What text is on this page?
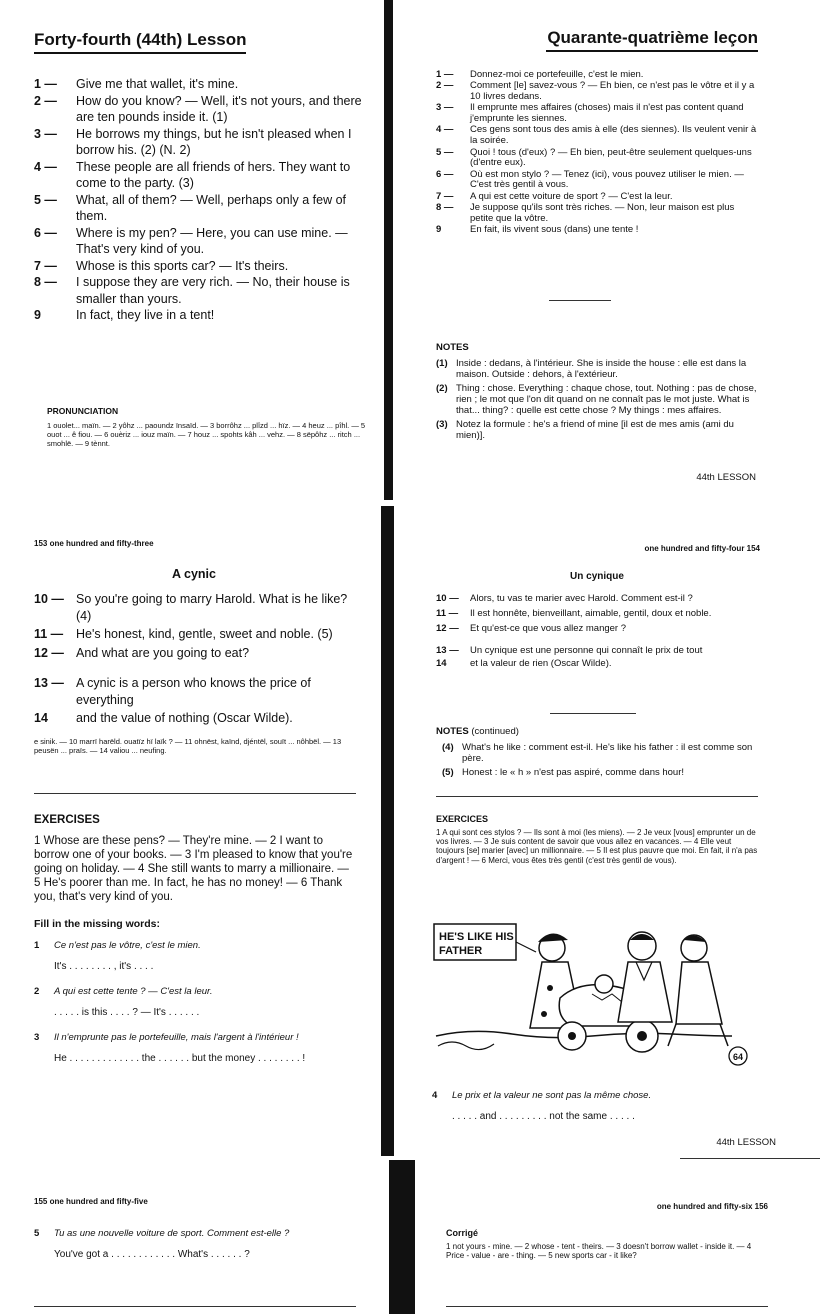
Forty-fourth (44th) Lesson
1 —	Give me that wallet, it's mine.
2 —	How do you know? — Well, it's not yours, and there are ten pounds inside it. (1)
3 —	He borrows my things, but he isn't pleased when I borrow his. (2) (N. 2)
4 —	These people are all friends of hers. They want to come to the party. (3)
5 —	What, all of them? — Well, perhaps only a few of them.
6 —	Where is my pen? — Here, you can use mine. — That's very kind of you.
7 —	Whose is this sports car? — It's theirs.
8 —	I suppose they are very rich. — No, their house is smaller than yours.
9	In fact, they live in a tent!
PRONUNCIATION
1 ouolet... maïn. — 2 yôhz ... paoundz ïnsaïd. — 3 borrôhz ... plîzd ... hïz. — 4 heuz ... pîhl. — 5 ouot ... ê fiou. — 6 ouèriz ... iouz maïn. — 7 houz ... spohts kâh ... vehz. — 8 sëpôhz ... ritch ... smohlë. — 9 tènnt.
Quarante-quatrième leçon
1 —	Donnez-moi ce portefeuille, c'est le mien.
2 —	Comment [le] savez-vous ? — Eh bien, ce n'est pas le vôtre et il y a 10 livres dedans.
3 —	Il emprunte mes affaires (choses) mais il n'est pas content quand j'emprunte les siennes.
4 —	Ces gens sont tous des amis à elle (des siennes). Ils veulent venir à la soirée.
5 —	Quoi ! tous (d'eux) ? — Eh bien, peut-être seulement quelques-uns (d'entre eux).
6 —	Où est mon stylo ? — Tenez (ici), vous pouvez utiliser le mien. — C'est très gentil à vous.
7 —	A qui est cette voiture de sport ? — C'est la leur.
8 —	Je suppose qu'ils sont très riches. — Non, leur maison est plus petite que la vôtre.
9	En fait, ils vivent sous (dans) une tente !
NOTES
(1) Inside : dedans, à l'intérieur. She is inside the house : elle est dans la maison. Outside : dehors, à l'extérieur.
(2) Thing : chose. Everything : chaque chose, tout. Nothing : pas de chose, rien ; le mot que l'on dit quand on ne connaît pas le mot juste. What is that... thing? : quelle est cette chose ? My things : mes affaires.
(3) Notez la formule : he's a friend of mine [il est de mes amis (ami du mien)].
44th LESSON
153 one hundred and fifty-three
one hundred and fifty-four 154
A cynic
10 — So you're going to marry Harold. What is he like? (4)
11 —	He's honest, kind, gentle, sweet and noble. (5)
12 — And what are you going to eat?
13 — A cynic is a person who knows the price of everything
14	and the value of nothing (Oscar Wilde).
e sinik. — 10 marrï harëld. ouatïz hï laïk ? — 11 ohnëst, kaïnd, djéntël, souït ... nôhbël. — 13 peusën ... praïs. — 14 valiou ... neufing.
EXERCISES
1 Whose are these pens? — They're mine. — 2 I want to borrow one of your books. — 3 I'm pleased to know that you're going on holiday. — 4 She still wants to marry a millionaire. — 5 He's poorer than me. In fact, he has no money! — 6 Thank you, that's very kind of you.
Fill in the missing words:
1	Ce n'est pas le vôtre, c'est le mien.
It's . . . . . . . . , it's . . . .
2	A qui est cette tente ? — C'est la leur.
. . . . . is this . . . . ? — It's . . . . . .
3	Il n'emprunte pas le portefeuille, mais l'argent à l'intérieur !
He . . . . . . . . . . . . . the . . . . . . but the money . . . . . . . . !
Un cynique
10 —	Alors, tu vas te marier avec Harold. Comment est-il ?
11 —	Il est honnête, bienveillant, aimable, gentil, doux et noble.
12 —	Et qu'est-ce que vous allez manger ?
13 —	Un cynique est une personne qui connaît le prix de tout
14	et la valeur de rien (Oscar Wilde).
NOTES (continued)
(4) What's he like : comment est-il. He's like his father : il est comme son père.
(5) Honest : le « h » n'est pas aspiré, comme dans hour!
EXERCICES
1 A qui sont ces stylos ? — Ils sont à moi (les miens). — 2 Je veux [vous] emprunter un de vos livres. — 3 Je suis content de savoir que vous allez en vacances. — 4 Elle veut toujours [se] marier [avec] un millionnaire. — 5 Il est plus pauvre que moi. En fait, il n'a pas d'argent ! — 6 Merci, vous êtes très gentil (c'est très gentil de vous).
HE'S LIKE HIS
FATHER
64
4	Le prix et la valeur ne sont pas la même chose.
. . . . . and . . . . . . . . . not the same . . . . .
44th LESSON
155 one hundred and fifty-five
one hundred and fifty-six 156
5	Tu as une nouvelle voiture de sport. Comment est-elle ?
You've got a . . . . . . . . . . . . What's . . . . . . ?
Corrigé
1 not yours - mine. — 2 whose - tent - theirs. — 3 doesn't borrow wallet - inside it. — 4 Price - value - are - thing. — 5 new sports car - it like?
